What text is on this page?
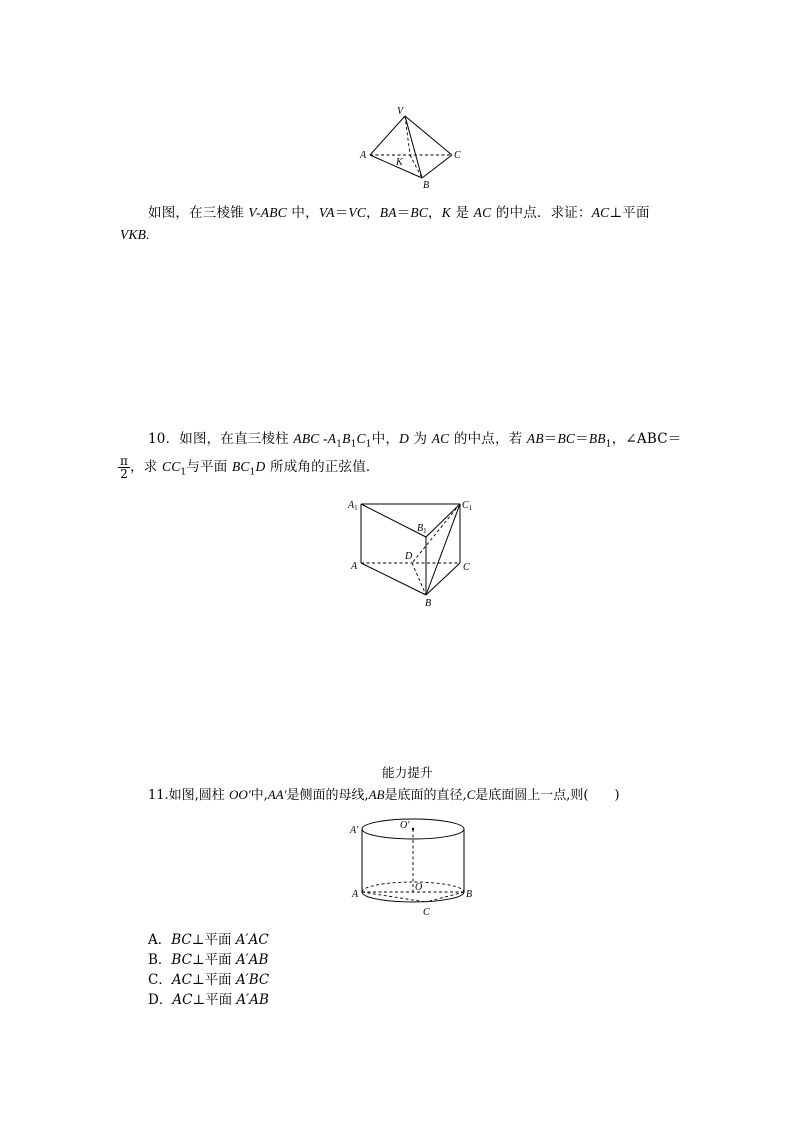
V
A	C
K
B
如图，在三棱锥 V-ABC 中，VA＝VC，BA＝BC，K 是 AC 的中点．求证：AC⊥平面
VKB.
10．如图，在直三棱柱 ABC $-A_1B_1C_1$中，D 为 AC 的中点，若 $AB=BC=BB_1$，∠ABC＝
$\frac{\pi}{2}$ ，求 $CC_1$与平面 $BC_1D$ 所成角的正弦值．
$A_1$	$C_1$
$B_1$
D
A	C
B
能力提升
11.如图,圆柱 OO′中,AA′是侧面的母线,AB是底面的直径,C是底面圆上一点,则(　　)
A′	O′
A
O
B
C
A．BC⊥平面 A′AC
B．BC⊥平面 A′AB
C．AC⊥平面 A′BC
D．AC⊥平面 A′AB
